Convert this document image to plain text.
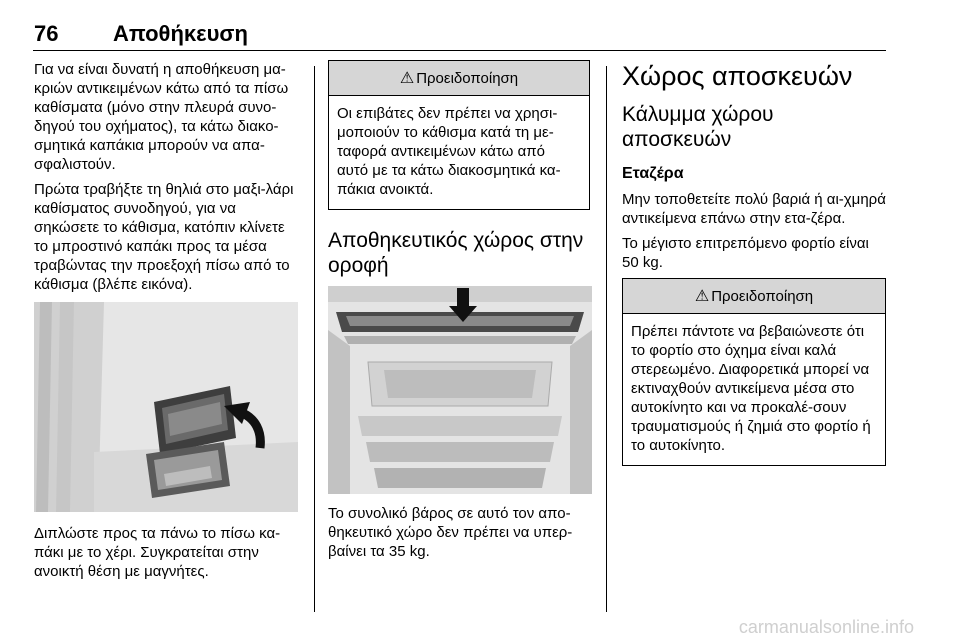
76 Αποθήκευση

Για να είναι δυνατή η αποθήκευση μα-κριών αντικειμένων κάτω από τα πίσω καθίσματα (μόνο στην πλευρά συνο-δηγού του οχήματος), τα κάτω διακο-σμητικά καπάκια μπορούν να απα-σφαλιστούν.

Πρώτα τραβήξτε τη θηλιά στο μαξι-λάρι καθίσματος συνοδηγού, για να σηκώσετε το κάθισμα, κατόπιν κλίνετε το μπροστινό καπάκι προς τα μέσα τραβώντας την προεξοχή πίσω από το κάθισμα (βλέπε εικόνα).

Διπλώστε προς τα πάνω το πίσω κα-πάκι με το χέρι. Συγκρατείται στην ανοικτή θέση με μαγνήτες.

⚠ Προειδοποίηση
Οι επιβάτες δεν πρέπει να χρησι-μοποιούν το κάθισμα κατά τη με-ταφορά αντικειμένων κάτω από αυτό με τα κάτω διακοσμητικά κα-πάκια ανοικτά.
Αποθηκευτικός χώρος στην οροφή

Το συνολικό βάρος σε αυτό τον απο-θηκευτικό χώρο δεν πρέπει να υπερ-βαίνει τα 35 kg.

Χώρος αποσκευών
Κάλυμμα χώρου αποσκευών
Εταζέρα

Μην τοποθετείτε πολύ βαριά ή αι-χμηρά αντικείμενα επάνω στην ετα-ζέρα.

Το μέγιστο επιτρεπόμενο φορτίο είναι 50 kg.

⚠ Προειδοποίηση
Πρέπει πάντοτε να βεβαιώνεστε ότι το φορτίο στο όχημα είναι καλά στερεωμένο. Διαφορετικά μπορεί να εκτιναχθούν αντικείμενα μέσα στο αυτοκίνητο και να προκαλέ-σουν τραυματισμούς ή ζημιά στο φορτίο ή το αυτοκίνητο.
carmanualsonline.info
